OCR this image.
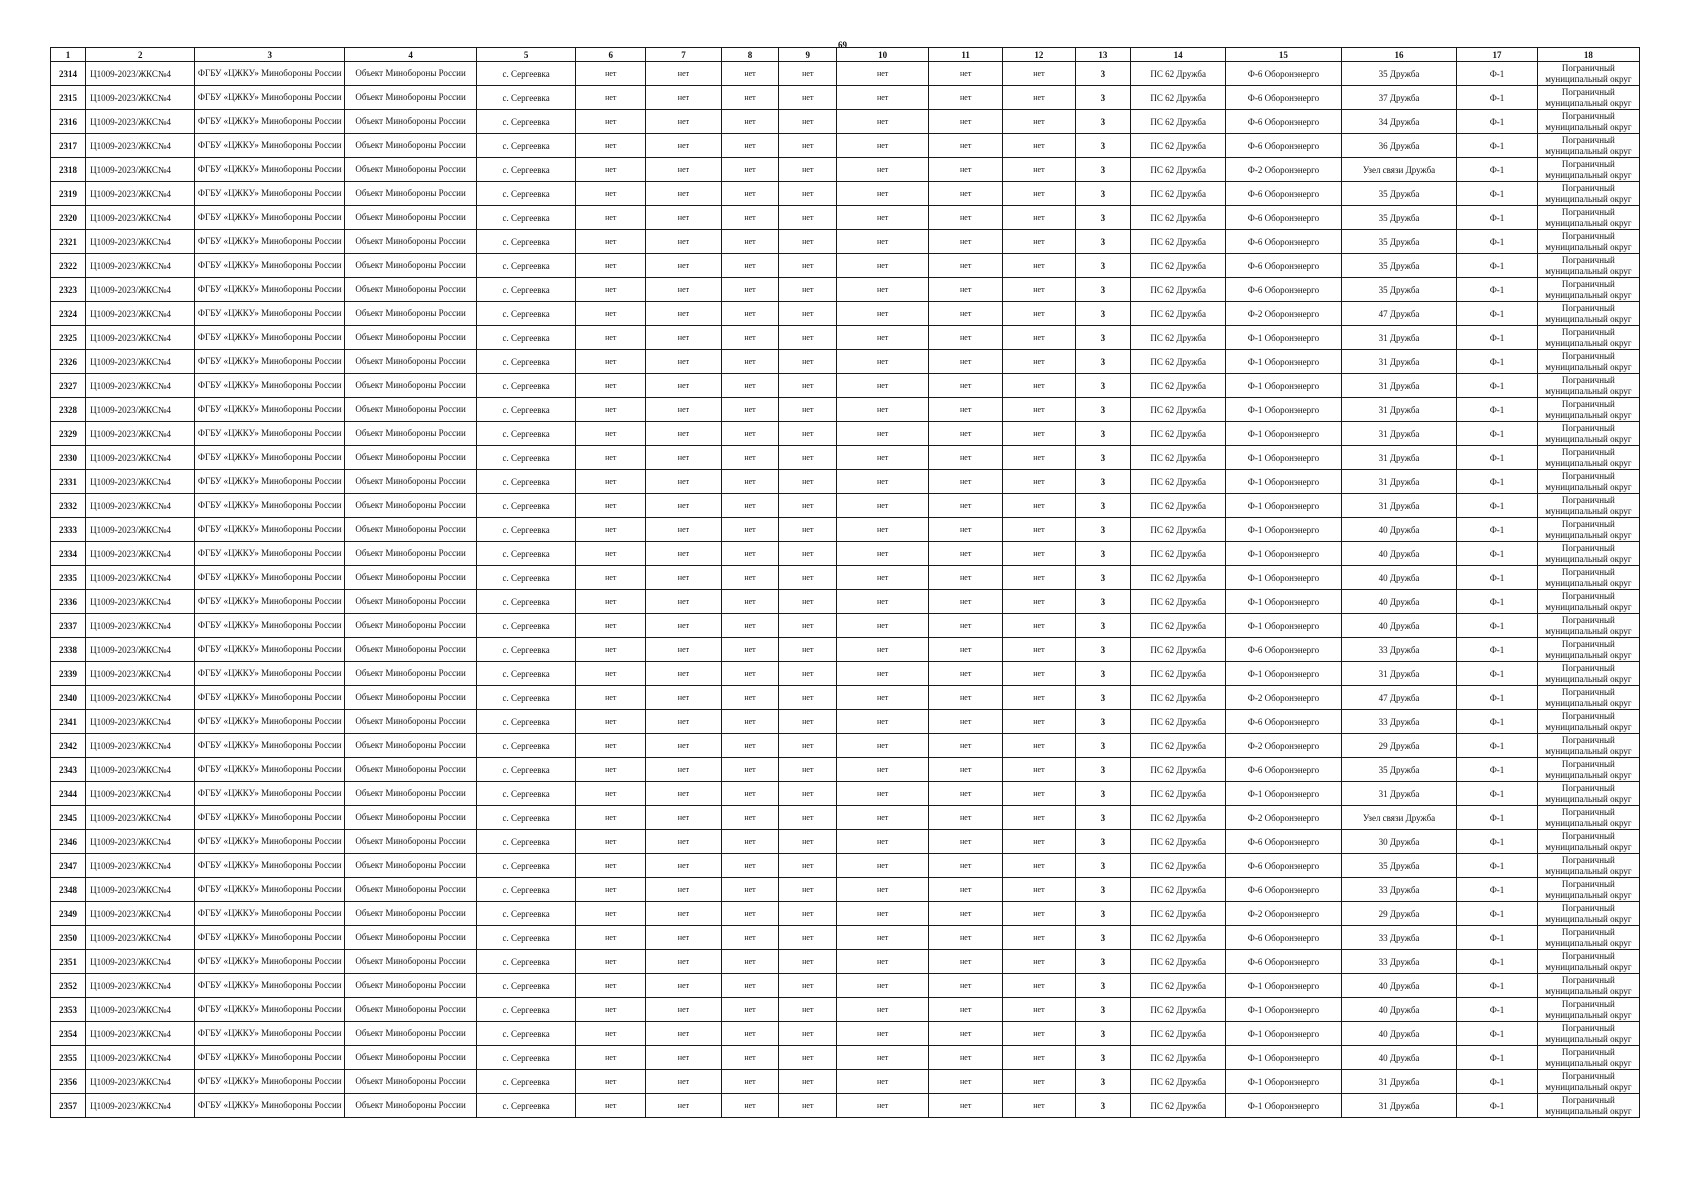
69
1	2	3	4	5	6	7	8	9	10	11	12	13	14	15	16	17	18
2314	Ц1009-2023/ЖКС№4	ФГБУ «ЦЖКУ» Минобороны России	Объект Минобороны России	с. Сергеевка	нет	нет	нет	нет	нет	нет	нет	3	ПС 62 Дружба	Ф-6 Оборонэнерго	35 Дружба	Ф-1	Пограничный муниципальный округ
2315	Ц1009-2023/ЖКС№4	ФГБУ «ЦЖКУ» Минобороны России	Объект Минобороны России	с. Сергеевка	нет	нет	нет	нет	нет	нет	нет	3	ПС 62 Дружба	Ф-6 Оборонэнерго	37 Дружба	Ф-1	Пограничный муниципальный округ
2316	Ц1009-2023/ЖКС№4	ФГБУ «ЦЖКУ» Минобороны России	Объект Минобороны России	с. Сергеевка	нет	нет	нет	нет	нет	нет	нет	3	ПС 62 Дружба	Ф-6 Оборонэнерго	34 Дружба	Ф-1	Пограничный муниципальный округ
2317	Ц1009-2023/ЖКС№4	ФГБУ «ЦЖКУ» Минобороны России	Объект Минобороны России	с. Сергеевка	нет	нет	нет	нет	нет	нет	нет	3	ПС 62 Дружба	Ф-6 Оборонэнерго	36 Дружба	Ф-1	Пограничный муниципальный округ
2318	Ц1009-2023/ЖКС№4	ФГБУ «ЦЖКУ» Минобороны России	Объект Минобороны России	с. Сергеевка	нет	нет	нет	нет	нет	нет	нет	3	ПС 62 Дружба	Ф-2 Оборонэнерго	Узел связи Дружба	Ф-1	Пограничный муниципальный округ
2319	Ц1009-2023/ЖКС№4	ФГБУ «ЦЖКУ» Минобороны России	Объект Минобороны России	с. Сергеевка	нет	нет	нет	нет	нет	нет	нет	3	ПС 62 Дружба	Ф-6 Оборонэнерго	35 Дружба	Ф-1	Пограничный муниципальный округ
2320	Ц1009-2023/ЖКС№4	ФГБУ «ЦЖКУ» Минобороны России	Объект Минобороны России	с. Сергеевка	нет	нет	нет	нет	нет	нет	нет	3	ПС 62 Дружба	Ф-6 Оборонэнерго	35 Дружба	Ф-1	Пограничный муниципальный округ
2321	Ц1009-2023/ЖКС№4	ФГБУ «ЦЖКУ» Минобороны России	Объект Минобороны России	с. Сергеевка	нет	нет	нет	нет	нет	нет	нет	3	ПС 62 Дружба	Ф-6 Оборонэнерго	35 Дружба	Ф-1	Пограничный муниципальный округ
2322	Ц1009-2023/ЖКС№4	ФГБУ «ЦЖКУ» Минобороны России	Объект Минобороны России	с. Сергеевка	нет	нет	нет	нет	нет	нет	нет	3	ПС 62 Дружба	Ф-6 Оборонэнерго	35 Дружба	Ф-1	Пограничный муниципальный округ
2323	Ц1009-2023/ЖКС№4	ФГБУ «ЦЖКУ» Минобороны России	Объект Минобороны России	с. Сергеевка	нет	нет	нет	нет	нет	нет	нет	3	ПС 62 Дружба	Ф-6 Оборонэнерго	35 Дружба	Ф-1	Пограничный муниципальный округ
2324	Ц1009-2023/ЖКС№4	ФГБУ «ЦЖКУ» Минобороны России	Объект Минобороны России	с. Сергеевка	нет	нет	нет	нет	нет	нет	нет	3	ПС 62 Дружба	Ф-2 Оборонэнерго	47 Дружба	Ф-1	Пограничный муниципальный округ
2325	Ц1009-2023/ЖКС№4	ФГБУ «ЦЖКУ» Минобороны России	Объект Минобороны России	с. Сергеевка	нет	нет	нет	нет	нет	нет	нет	3	ПС 62 Дружба	Ф-1 Оборонэнерго	31 Дружба	Ф-1	Пограничный муниципальный округ
2326	Ц1009-2023/ЖКС№4	ФГБУ «ЦЖКУ» Минобороны России	Объект Минобороны России	с. Сергеевка	нет	нет	нет	нет	нет	нет	нет	3	ПС 62 Дружба	Ф-1 Оборонэнерго	31 Дружба	Ф-1	Пограничный муниципальный округ
2327	Ц1009-2023/ЖКС№4	ФГБУ «ЦЖКУ» Минобороны России	Объект Минобороны России	с. Сергеевка	нет	нет	нет	нет	нет	нет	нет	3	ПС 62 Дружба	Ф-1 Оборонэнерго	31 Дружба	Ф-1	Пограничный муниципальный округ
2328	Ц1009-2023/ЖКС№4	ФГБУ «ЦЖКУ» Минобороны России	Объект Минобороны России	с. Сергеевка	нет	нет	нет	нет	нет	нет	нет	3	ПС 62 Дружба	Ф-1 Оборонэнерго	31 Дружба	Ф-1	Пограничный муниципальный округ
2329	Ц1009-2023/ЖКС№4	ФГБУ «ЦЖКУ» Минобороны России	Объект Минобороны России	с. Сергеевка	нет	нет	нет	нет	нет	нет	нет	3	ПС 62 Дружба	Ф-1 Оборонэнерго	31 Дружба	Ф-1	Пограничный муниципальный округ
2330	Ц1009-2023/ЖКС№4	ФГБУ «ЦЖКУ» Минобороны России	Объект Минобороны России	с. Сергеевка	нет	нет	нет	нет	нет	нет	нет	3	ПС 62 Дружба	Ф-1 Оборонэнерго	31 Дружба	Ф-1	Пограничный муниципальный округ
2331	Ц1009-2023/ЖКС№4	ФГБУ «ЦЖКУ» Минобороны России	Объект Минобороны России	с. Сергеевка	нет	нет	нет	нет	нет	нет	нет	3	ПС 62 Дружба	Ф-1 Оборонэнерго	31 Дружба	Ф-1	Пограничный муниципальный округ
2332	Ц1009-2023/ЖКС№4	ФГБУ «ЦЖКУ» Минобороны России	Объект Минобороны России	с. Сергеевка	нет	нет	нет	нет	нет	нет	нет	3	ПС 62 Дружба	Ф-1 Оборонэнерго	31 Дружба	Ф-1	Пограничный муниципальный округ
2333	Ц1009-2023/ЖКС№4	ФГБУ «ЦЖКУ» Минобороны России	Объект Минобороны России	с. Сергеевка	нет	нет	нет	нет	нет	нет	нет	3	ПС 62 Дружба	Ф-1 Оборонэнерго	40 Дружба	Ф-1	Пограничный муниципальный округ
2334	Ц1009-2023/ЖКС№4	ФГБУ «ЦЖКУ» Минобороны России	Объект Минобороны России	с. Сергеевка	нет	нет	нет	нет	нет	нет	нет	3	ПС 62 Дружба	Ф-1 Оборонэнерго	40 Дружба	Ф-1	Пограничный муниципальный округ
2335	Ц1009-2023/ЖКС№4	ФГБУ «ЦЖКУ» Минобороны России	Объект Минобороны России	с. Сергеевка	нет	нет	нет	нет	нет	нет	нет	3	ПС 62 Дружба	Ф-1 Оборонэнерго	40 Дружба	Ф-1	Пограничный муниципальный округ
2336	Ц1009-2023/ЖКС№4	ФГБУ «ЦЖКУ» Минобороны России	Объект Минобороны России	с. Сергеевка	нет	нет	нет	нет	нет	нет	нет	3	ПС 62 Дружба	Ф-1 Оборонэнерго	40 Дружба	Ф-1	Пограничный муниципальный округ
2337	Ц1009-2023/ЖКС№4	ФГБУ «ЦЖКУ» Минобороны России	Объект Минобороны России	с. Сергеевка	нет	нет	нет	нет	нет	нет	нет	3	ПС 62 Дружба	Ф-1 Оборонэнерго	40 Дружба	Ф-1	Пограничный муниципальный округ
2338	Ц1009-2023/ЖКС№4	ФГБУ «ЦЖКУ» Минобороны России	Объект Минобороны России	с. Сергеевка	нет	нет	нет	нет	нет	нет	нет	3	ПС 62 Дружба	Ф-6 Оборонэнерго	33 Дружба	Ф-1	Пограничный муниципальный округ
2339	Ц1009-2023/ЖКС№4	ФГБУ «ЦЖКУ» Минобороны России	Объект Минобороны России	с. Сергеевка	нет	нет	нет	нет	нет	нет	нет	3	ПС 62 Дружба	Ф-1 Оборонэнерго	31 Дружба	Ф-1	Пограничный муниципальный округ
2340	Ц1009-2023/ЖКС№4	ФГБУ «ЦЖКУ» Минобороны России	Объект Минобороны России	с. Сергеевка	нет	нет	нет	нет	нет	нет	нет	3	ПС 62 Дружба	Ф-2 Оборонэнерго	47 Дружба	Ф-1	Пограничный муниципальный округ
2341	Ц1009-2023/ЖКС№4	ФГБУ «ЦЖКУ» Минобороны России	Объект Минобороны России	с. Сергеевка	нет	нет	нет	нет	нет	нет	нет	3	ПС 62 Дружба	Ф-6 Оборонэнерго	33 Дружба	Ф-1	Пограничный муниципальный округ
2342	Ц1009-2023/ЖКС№4	ФГБУ «ЦЖКУ» Минобороны России	Объект Минобороны России	с. Сергеевка	нет	нет	нет	нет	нет	нет	нет	3	ПС 62 Дружба	Ф-2 Оборонэнерго	29 Дружба	Ф-1	Пограничный муниципальный округ
2343	Ц1009-2023/ЖКС№4	ФГБУ «ЦЖКУ» Минобороны России	Объект Минобороны России	с. Сергеевка	нет	нет	нет	нет	нет	нет	нет	3	ПС 62 Дружба	Ф-6 Оборонэнерго	35 Дружба	Ф-1	Пограничный муниципальный округ
2344	Ц1009-2023/ЖКС№4	ФГБУ «ЦЖКУ» Минобороны России	Объект Минобороны России	с. Сергеевка	нет	нет	нет	нет	нет	нет	нет	3	ПС 62 Дружба	Ф-1 Оборонэнерго	31 Дружба	Ф-1	Пограничный муниципальный округ
2345	Ц1009-2023/ЖКС№4	ФГБУ «ЦЖКУ» Минобороны России	Объект Минобороны России	с. Сергеевка	нет	нет	нет	нет	нет	нет	нет	3	ПС 62 Дружба	Ф-2 Оборонэнерго	Узел связи Дружба	Ф-1	Пограничный муниципальный округ
2346	Ц1009-2023/ЖКС№4	ФГБУ «ЦЖКУ» Минобороны России	Объект Минобороны России	с. Сергеевка	нет	нет	нет	нет	нет	нет	нет	3	ПС 62 Дружба	Ф-6 Оборонэнерго	30 Дружба	Ф-1	Пограничный муниципальный округ
2347	Ц1009-2023/ЖКС№4	ФГБУ «ЦЖКУ» Минобороны России	Объект Минобороны России	с. Сергеевка	нет	нет	нет	нет	нет	нет	нет	3	ПС 62 Дружба	Ф-6 Оборонэнерго	35 Дружба	Ф-1	Пограничный муниципальный округ
2348	Ц1009-2023/ЖКС№4	ФГБУ «ЦЖКУ» Минобороны России	Объект Минобороны России	с. Сергеевка	нет	нет	нет	нет	нет	нет	нет	3	ПС 62 Дружба	Ф-6 Оборонэнерго	33 Дружба	Ф-1	Пограничный муниципальный округ
2349	Ц1009-2023/ЖКС№4	ФГБУ «ЦЖКУ» Минобороны России	Объект Минобороны России	с. Сергеевка	нет	нет	нет	нет	нет	нет	нет	3	ПС 62 Дружба	Ф-2 Оборонэнерго	29 Дружба	Ф-1	Пограничный муниципальный округ
2350	Ц1009-2023/ЖКС№4	ФГБУ «ЦЖКУ» Минобороны России	Объект Минобороны России	с. Сергеевка	нет	нет	нет	нет	нет	нет	нет	3	ПС 62 Дружба	Ф-6 Оборонэнерго	33 Дружба	Ф-1	Пограничный муниципальный округ
2351	Ц1009-2023/ЖКС№4	ФГБУ «ЦЖКУ» Минобороны России	Объект Минобороны России	с. Сергеевка	нет	нет	нет	нет	нет	нет	нет	3	ПС 62 Дружба	Ф-6 Оборонэнерго	33 Дружба	Ф-1	Пограничный муниципальный округ
2352	Ц1009-2023/ЖКС№4	ФГБУ «ЦЖКУ» Минобороны России	Объект Минобороны России	с. Сергеевка	нет	нет	нет	нет	нет	нет	нет	3	ПС 62 Дружба	Ф-1 Оборонэнерго	40 Дружба	Ф-1	Пограничный муниципальный округ
2353	Ц1009-2023/ЖКС№4	ФГБУ «ЦЖКУ» Минобороны России	Объект Минобороны России	с. Сергеевка	нет	нет	нет	нет	нет	нет	нет	3	ПС 62 Дружба	Ф-1 Оборонэнерго	40 Дружба	Ф-1	Пограничный муниципальный округ
2354	Ц1009-2023/ЖКС№4	ФГБУ «ЦЖКУ» Минобороны России	Объект Минобороны России	с. Сергеевка	нет	нет	нет	нет	нет	нет	нет	3	ПС 62 Дружба	Ф-1 Оборонэнерго	40 Дружба	Ф-1	Пограничный муниципальный округ
2355	Ц1009-2023/ЖКС№4	ФГБУ «ЦЖКУ» Минобороны России	Объект Минобороны России	с. Сергеевка	нет	нет	нет	нет	нет	нет	нет	3	ПС 62 Дружба	Ф-1 Оборонэнерго	40 Дружба	Ф-1	Пограничный муниципальный округ
2356	Ц1009-2023/ЖКС№4	ФГБУ «ЦЖКУ» Минобороны России	Объект Минобороны России	с. Сергеевка	нет	нет	нет	нет	нет	нет	нет	3	ПС 62 Дружба	Ф-1 Оборонэнерго	31 Дружба	Ф-1	Пограничный муниципальный округ
2357	Ц1009-2023/ЖКС№4	ФГБУ «ЦЖКУ» Минобороны России	Объект Минобороны России	с. Сергеевка	нет	нет	нет	нет	нет	нет	нет	3	ПС 62 Дружба	Ф-1 Оборонэнерго	31 Дружба	Ф-1	Пограничный муниципальный округ
